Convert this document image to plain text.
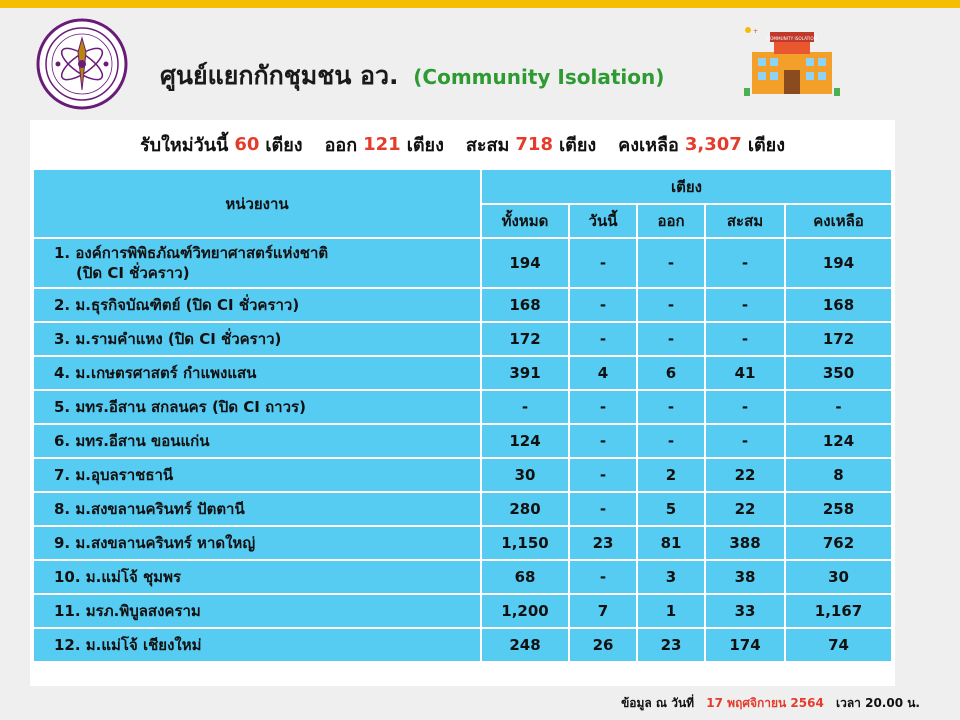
ศูนย์แยกกักชุมชน อว. (Community Isolation)
COMMUNITY ISOLATION
+
รับใหม่วันนี้ 60 เตียง ออก 121 เตียง สะสม 718 เตียง คงเหลือ 3,307 เตียง
หน่วยงาน	เตียง				
	ทั้งหมด	วันนี้	ออก	สะสม	คงเหลือ
1. องค์การพิพิธภัณฑ์วิทยาศาสตร์แห่งชาติ
(ปิด CI ชั่วคราว)	194	-	-	-	194
2. ม.ธุรกิจบัณฑิตย์ (ปิด CI ชั่วคราว)	168	-	-	-	168
3. ม.รามคำแหง (ปิด CI ชั่วคราว)	172	-	-	-	172
4. ม.เกษตรศาสตร์ กำแพงแสน	391	4	6	41	350
5. มทร.อีสาน สกลนคร (ปิด CI ถาวร)	-	-	-	-	-
6. มทร.อีสาน ขอนแก่น	124	-	-	-	124
7. ม.อุบลราชธานี	30	-	2	22	8
8. ม.สงขลานครินทร์ ปัตตานี	280	-	5	22	258
9. ม.สงขลานครินทร์ หาดใหญ่	1,150	23	81	388	762
10. ม.แม่โจ้ ชุมพร	68	-	3	38	30
11. มรภ.พิบูลสงคราม	1,200	7	1	33	1,167
12. ม.แม่โจ้ เชียงใหม่	248	26	23	174	74
ข้อมูล ณ วันที่ 17 พฤศจิกายน 2564 เวลา 20.00 น.
